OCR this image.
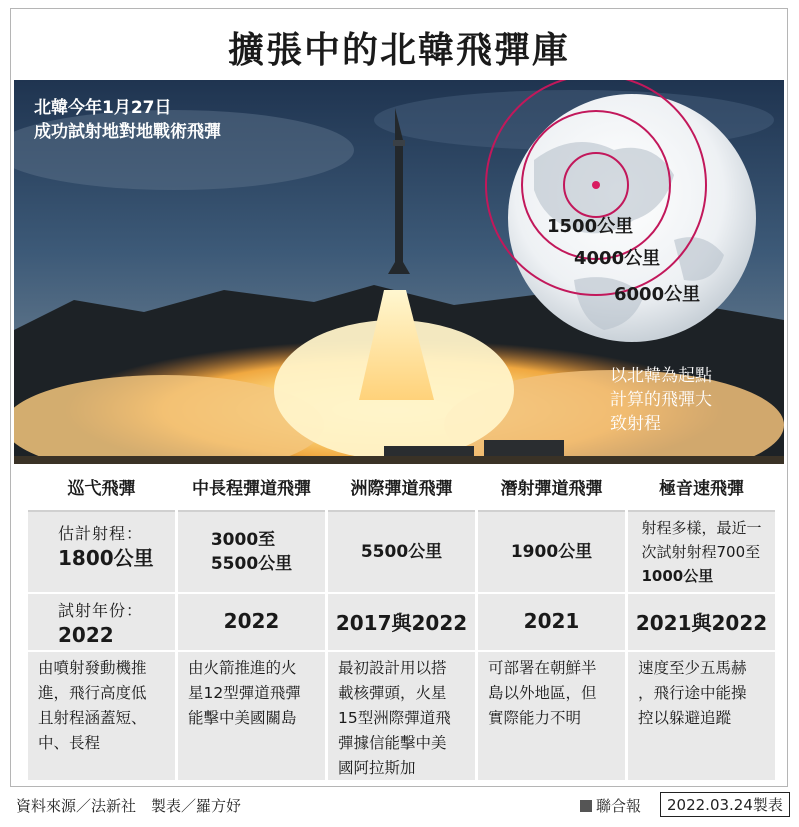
擴張中的北韓飛彈庫
北韓今年1月27日
成功試射地對地戰術飛彈
1500公里
4000公里
6000公里
以北韓為起點
計算的飛彈大
致射程
巡弋飛彈
估計射程：
1800公里
試射年份：
2022
由噴射發動機推
進，飛行高度低
且射程涵蓋短、
中、長程
中長程彈道飛彈
3000至
5500公里
2022
由火箭推進的火
星12型彈道飛彈
能擊中美國關島
洲際彈道飛彈
5500公里
2017與2022
最初設計用以搭
載核彈頭，火星
15型洲際彈道飛
彈據信能擊中美
國阿拉斯加
潛射彈道飛彈
1900公里
2021
可部署在朝鮮半
島以外地區，但
實際能力不明
極音速飛彈
射程多樣，最近一
次試射射程700至
1000公里
2021與2022
速度至少五馬赫
，飛行途中能操
控以躲避追蹤
資料來源／法新社　製表／羅方妤	聯合報	2022.03.24製表
